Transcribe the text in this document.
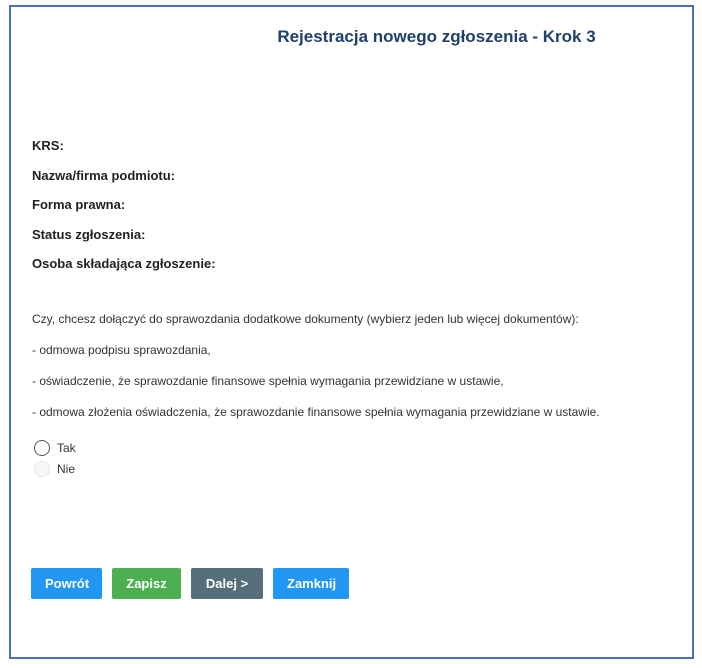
Rejestracja nowego zgłoszenia - Krok 3
KRS:
Nazwa/firma podmiotu:
Forma prawna:
Status zgłoszenia:
Osoba składająca zgłoszenie:
Czy, chcesz dołączyć do sprawozdania dodatkowe dokumenty (wybierz jeden lub więcej dokumentów):
- odmowa podpisu sprawozdania,
- oświadczenie, że sprawozdanie finansowe spełnia wymagania przewidziane w ustawie,
- odmowa złożenia oświadczenia, że sprawozdanie finansowe spełnia wymagania przewidziane w ustawie.
Tak
Nie
Powrót	Zapisz	Dalej >	Zamknij
